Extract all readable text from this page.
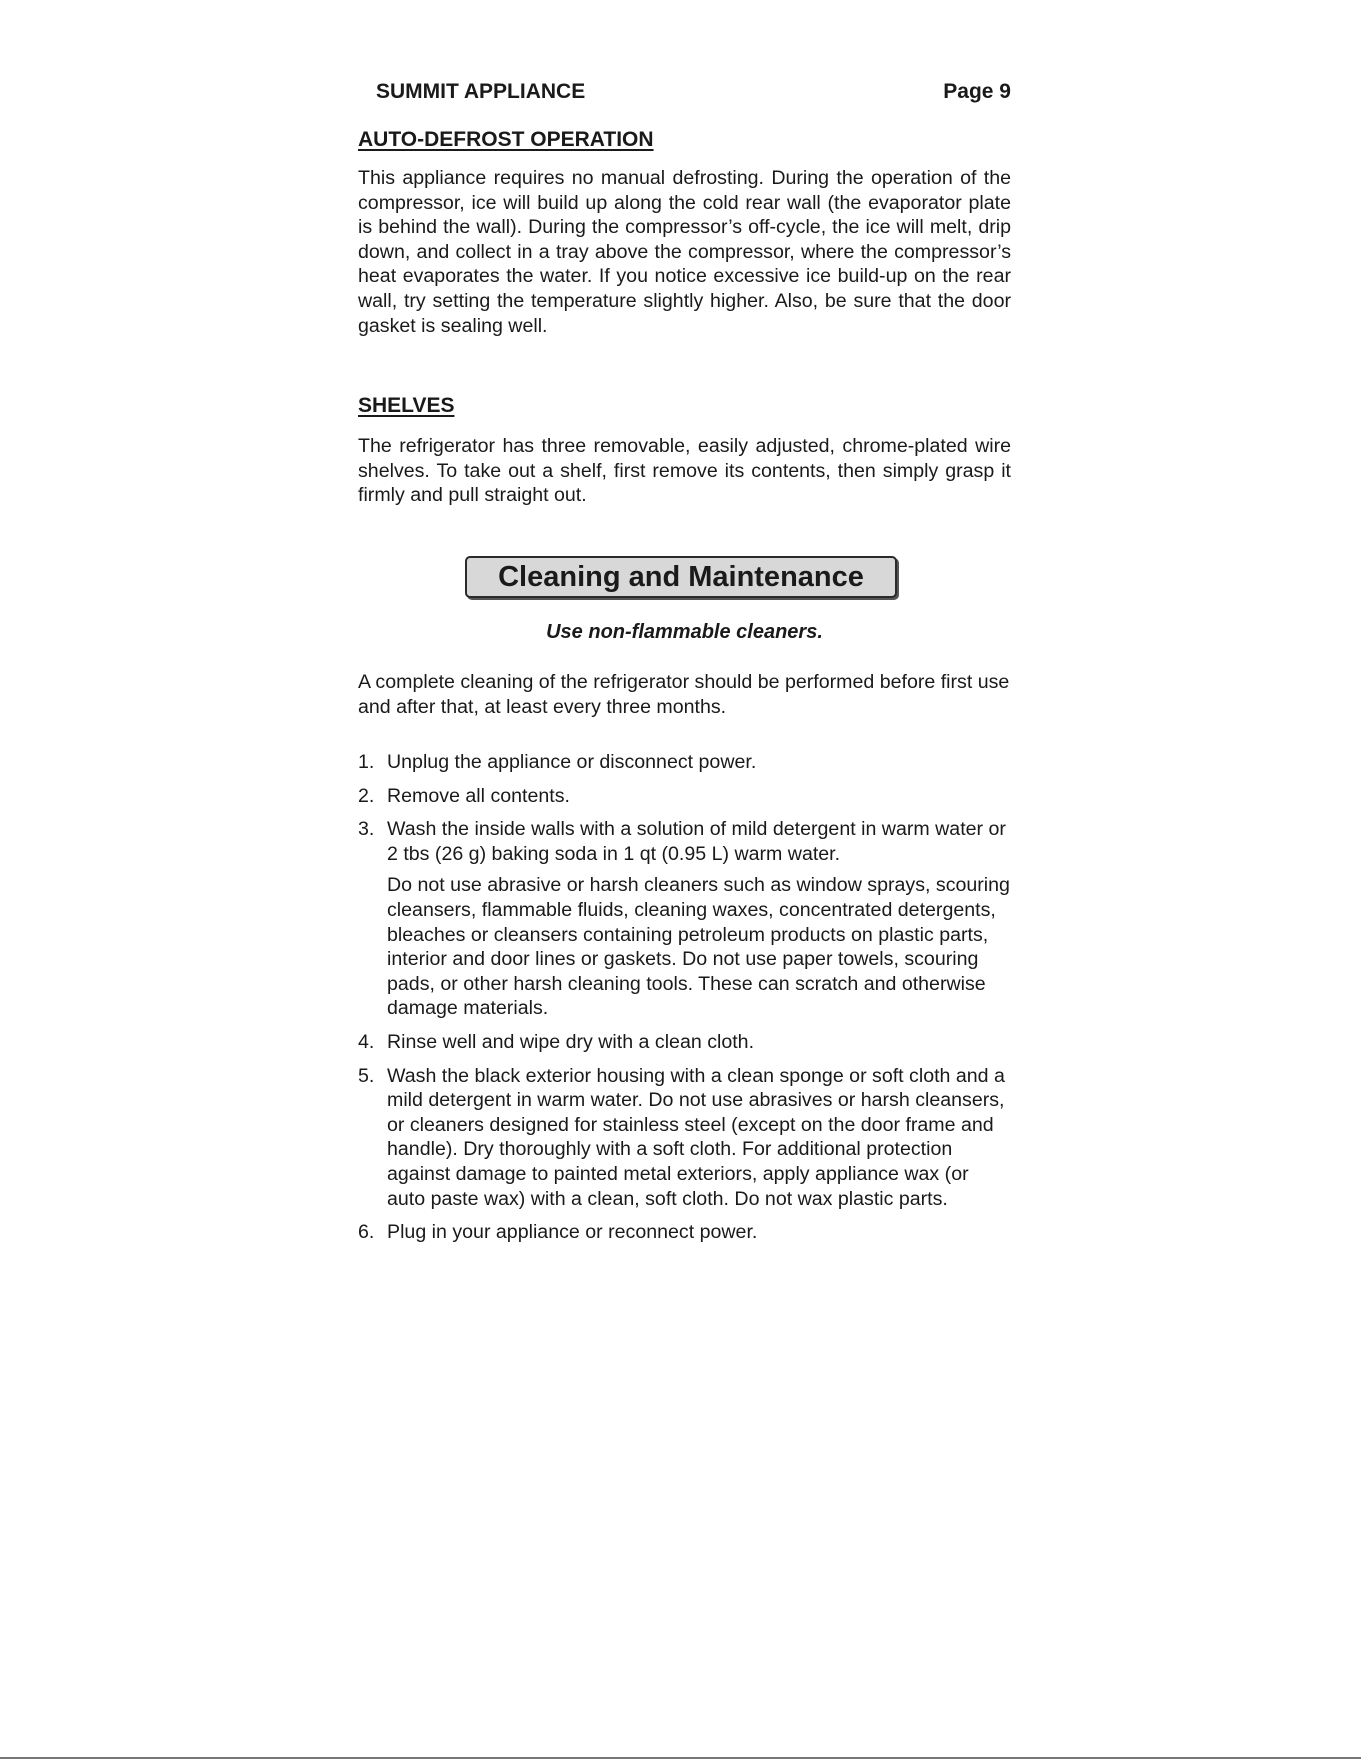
SUMMIT APPLIANCE	Page 9
AUTO-DEFROST OPERATION

This appliance requires no manual defrosting. During the operation of the compressor, ice will build up along the cold rear wall (the evaporator plate is behind the wall). During the compressor’s off-cycle, the ice will melt, drip down, and collect in a tray above the compressor, where the compressor’s heat evaporates the water. If you notice excessive ice build-up on the rear wall, try setting the temperature slightly higher. Also, be sure that the door gasket is sealing well.

SHELVES

The refrigerator has three removable, easily adjusted, chrome-plated wire shelves. To take out a shelf, first remove its contents, then simply grasp it firmly and pull straight out.

Cleaning and Maintenance
Use non-flammable cleaners.

A complete cleaning of the refrigerator should be performed before first use and after that, at least every three months.

1. Unplug the appliance or disconnect power.
2. Remove all contents.
3. Wash the inside walls with a solution of mild detergent in warm water or 2 tbs (26 g) baking soda in 1 qt (0.95 L) warm water.
Do not use abrasive or harsh cleaners such as window sprays, scouring cleansers, flammable fluids, cleaning waxes, concentrated detergents, bleaches or cleansers containing petroleum products on plastic parts, interior and door lines or gaskets. Do not use paper towels, scouring pads, or other harsh cleaning tools. These can scratch and otherwise damage materials.
4. Rinse well and wipe dry with a clean cloth.
5. Wash the black exterior housing with a clean sponge or soft cloth and a mild detergent in warm water. Do not use abrasives or harsh cleansers, or cleaners designed for stainless steel (except on the door frame and handle). Dry thoroughly with a soft cloth. For additional protection against damage to painted metal exteriors, apply appliance wax (or auto paste wax) with a clean, soft cloth. Do not wax plastic parts.
6. Plug in your appliance or reconnect power.
